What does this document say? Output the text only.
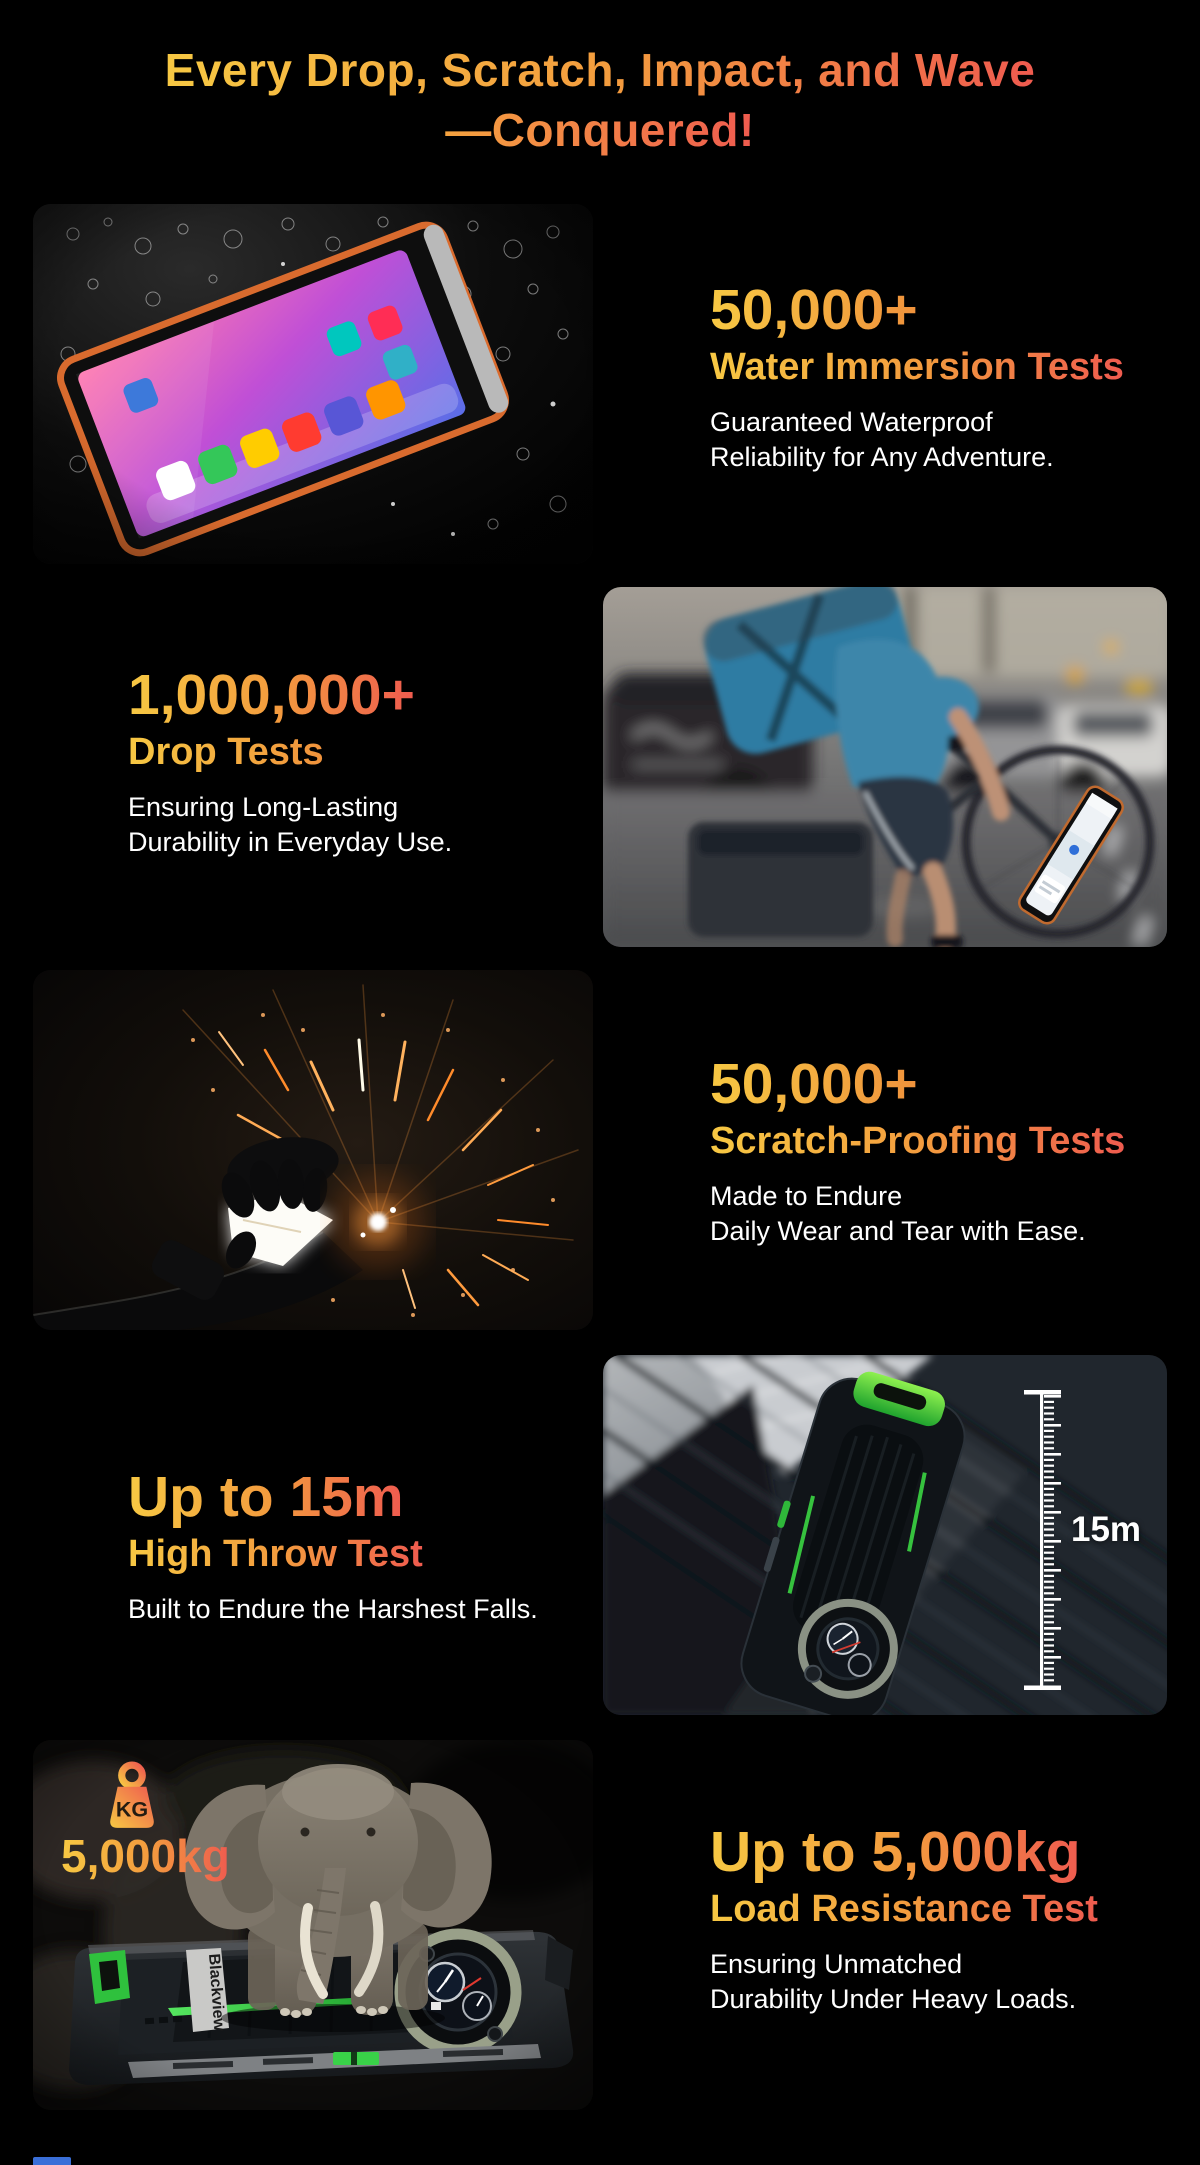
Every Drop, Scratch, Impact, and Wave
—Conquered!
50,000+
Water Immersion Tests
Guaranteed Waterproof
Reliability for Any Adventure.
1,000,000+
Drop Tests
Ensuring Long-Lasting
Durability in Everyday Use.
50,000+
Scratch-Proofing Tests
Made to Endure
Daily Wear and Tear with Ease.
Up to 15m
High Throw Test
Built to Endure the Harshest Falls.
15m
KG
5,000kg	Up to 5,000kg
Load Resistance Test
Ensuring Unmatched
Durability Under Heavy Loads.
